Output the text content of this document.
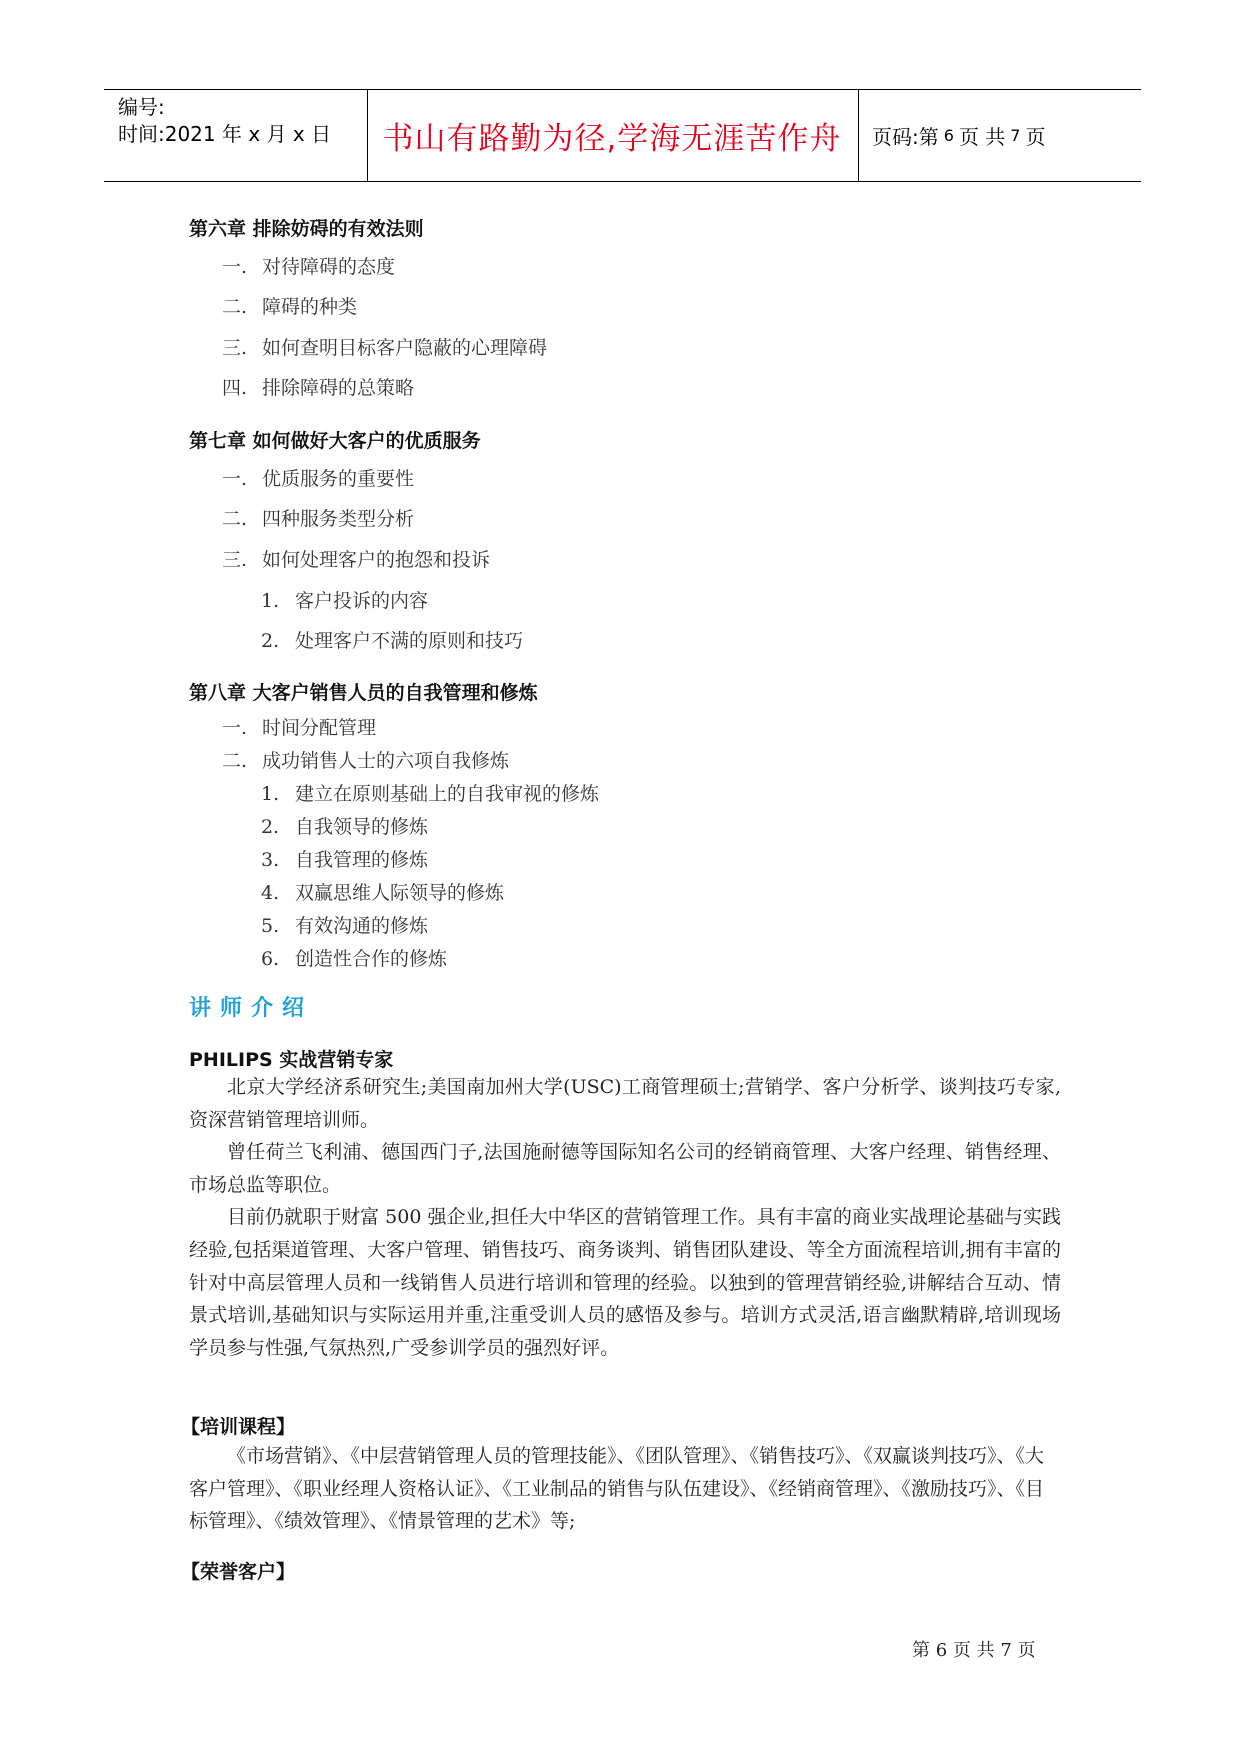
编号:
时间:2021 年 x 月 x 日	书山有路勤为径,学海无涯苦作舟	页码:第 6 页 共 7 页
第六章 排除妨碍的有效法则
一. 对待障碍的态度
二. 障碍的种类
三. 如何查明目标客户隐蔽的心理障碍
四. 排除障碍的总策略
第七章 如何做好大客户的优质服务
一. 优质服务的重要性
二. 四种服务类型分析
三. 如何处理客户的抱怨和投诉
1. 客户投诉的内容
2. 处理客户不满的原则和技巧
第八章 大客户销售人员的自我管理和修炼
一. 时间分配管理
二. 成功销售人士的六项自我修炼
1. 建立在原则基础上的自我审视的修炼
2. 自我领导的修炼
3. 自我管理的修炼
4. 双赢思维人际领导的修炼
5. 有效沟通的修炼
6. 创造性合作的修炼
讲师介绍
PHILIPS 实战营销专家

北京大学经济系研究生;美国南加州大学(USC)工商管理硕士;营销学、客户分析学、谈判技巧专家,资深营销管理培训师。

曾任荷兰飞利浦、德国西门子,法国施耐德等国际知名公司的经销商管理、大客户经理、销售经理、市场总监等职位。

目前仍就职于财富 500 强企业,担任大中华区的营销管理工作。具有丰富的商业实战理论基础与实践经验,包括渠道管理、大客户管理、销售技巧、商务谈判、销售团队建设、等全方面流程培训,拥有丰富的针对中高层管理人员和一线销售人员进行培训和管理的经验。以独到的管理营销经验,讲解结合互动、情景式培训,基础知识与实际运用并重,注重受训人员的感悟及参与。培训方式灵活,语言幽默精辟,培训现场学员参与性强,气氛热烈,广受参训学员的强烈好评。

【培训课程】

《市场营销》、《中层营销管理人员的管理技能》、《团队管理》、《销售技巧》、《双赢谈判技巧》、《大客户管理》、《职业经理人资格认证》、《工业制品的销售与队伍建设》、《经销商管理》、《激励技巧》、《目标管理》、《绩效管理》、《情景管理的艺术》等;

【荣誉客户】
第 6 页 共 7 页
